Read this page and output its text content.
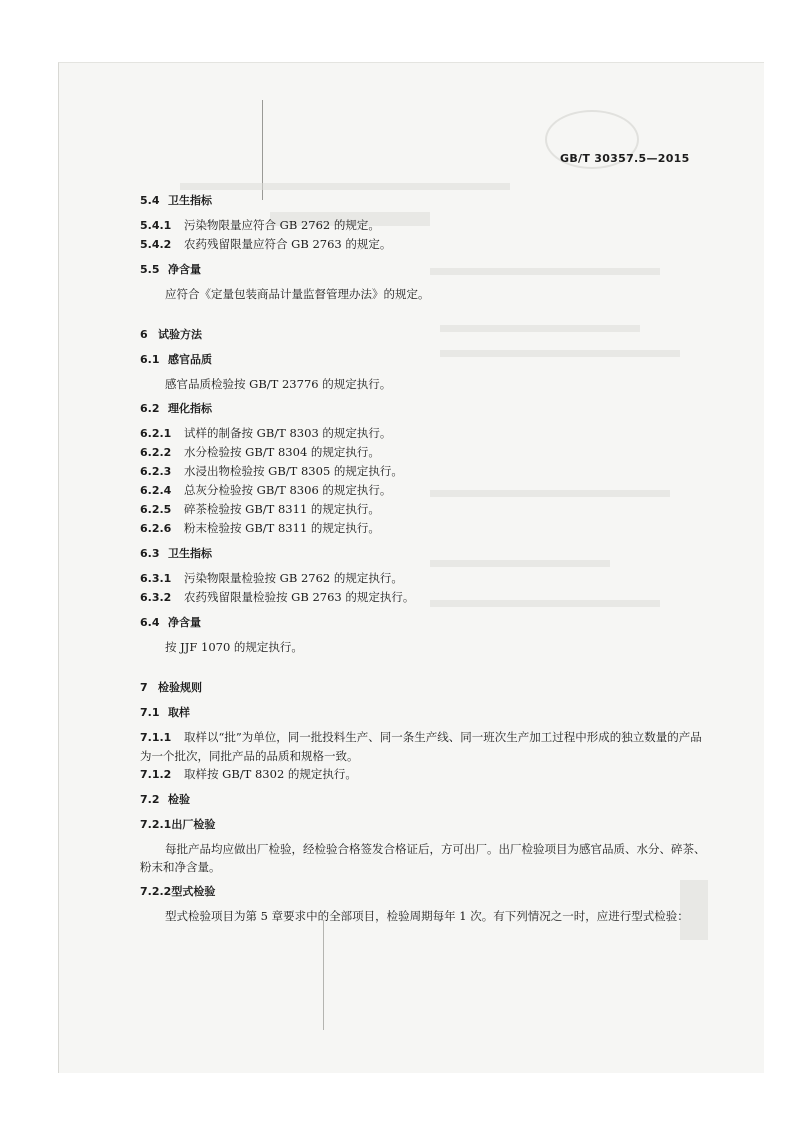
GB/T 30357.5—2015
5.4 卫生指标
5.4.1 污染物限量应符合 GB 2762 的规定。
5.4.2 农药残留限量应符合 GB 2763 的规定。
5.5 净含量
应符合《定量包装商品计量监督管理办法》的规定。
6 试验方法
6.1 感官品质
感官品质检验按 GB/T 23776 的规定执行。
6.2 理化指标
6.2.1 试样的制备按 GB/T 8303 的规定执行。
6.2.2 水分检验按 GB/T 8304 的规定执行。
6.2.3 水浸出物检验按 GB/T 8305 的规定执行。
6.2.4 总灰分检验按 GB/T 8306 的规定执行。
6.2.5 碎茶检验按 GB/T 8311 的规定执行。
6.2.6 粉末检验按 GB/T 8311 的规定执行。
6.3 卫生指标
6.3.1 污染物限量检验按 GB 2762 的规定执行。
6.3.2 农药残留限量检验按 GB 2763 的规定执行。
6.4 净含量
按 JJF 1070 的规定执行。
7 检验规则
7.1 取样
7.1.1 取样以“批”为单位，同一批投料生产、同一条生产线、同一班次生产加工过程中形成的独立数量的产品为一个批次，同批产品的品质和规格一致。
7.1.2 取样按 GB/T 8302 的规定执行。
7.2 检验
7.2.1出厂检验
每批产品均应做出厂检验，经检验合格签发合格证后，方可出厂。出厂检验项目为感官品质、水分、碎茶、粉末和净含量。
7.2.2型式检验
型式检验项目为第 5 章要求中的全部项目，检验周期每年 1 次。有下列情况之一时，应进行型式检验：
